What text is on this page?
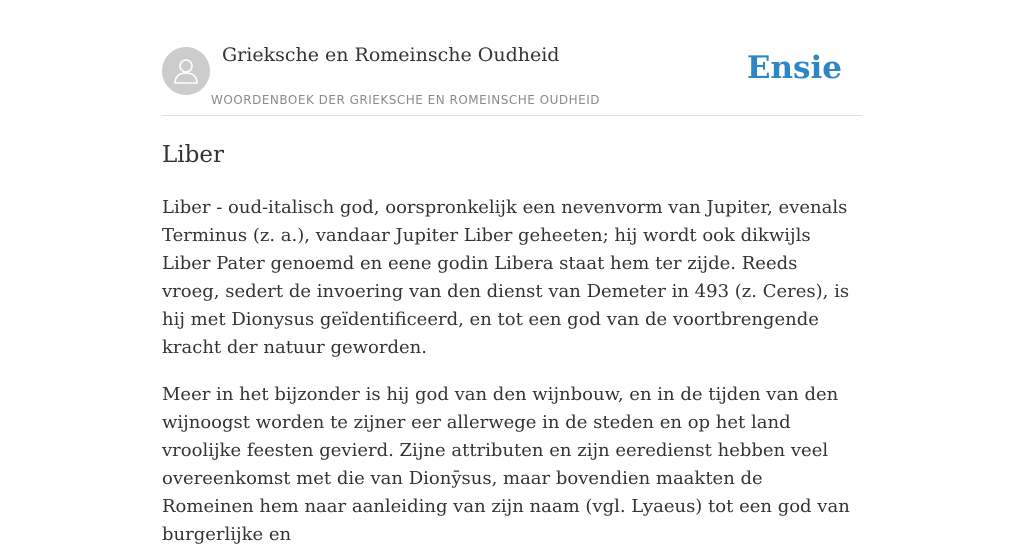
Grieksche en Romeinsche Oudheid
WOORDENBOEK DER GRIEKSCHE EN ROMEINSCHE OUDHEID
Ensie
Liber

Liber - oud-italisch god, oorspronkelijk een nevenvorm van Jupiter, evenals Terminus (z. a.), vandaar Jupiter Liber geheeten; hij wordt ook dikwijls Liber Pater genoemd en eene godin Libera staat hem ter zijde. Reeds vroeg, sedert de invoering van den dienst van Demeter in 493 (z. Ceres), is hij met Dionysus geïdentificeerd, en tot een god van de voortbrengende kracht der natuur geworden.

Meer in het bijzonder is hij god van den wijnbouw, en in de tijden van den wijnoogst worden te zijner eer allerwege in de steden en op het land vroolijke feesten gevierd. Zijne attributen en zijn eeredienst hebben veel overeenkomst met die van Dionȳsus, maar bovendien maakten de Romeinen hem naar aanleiding van zijn naam (vgl. Lyaeus) tot een god van burgerlijke en
